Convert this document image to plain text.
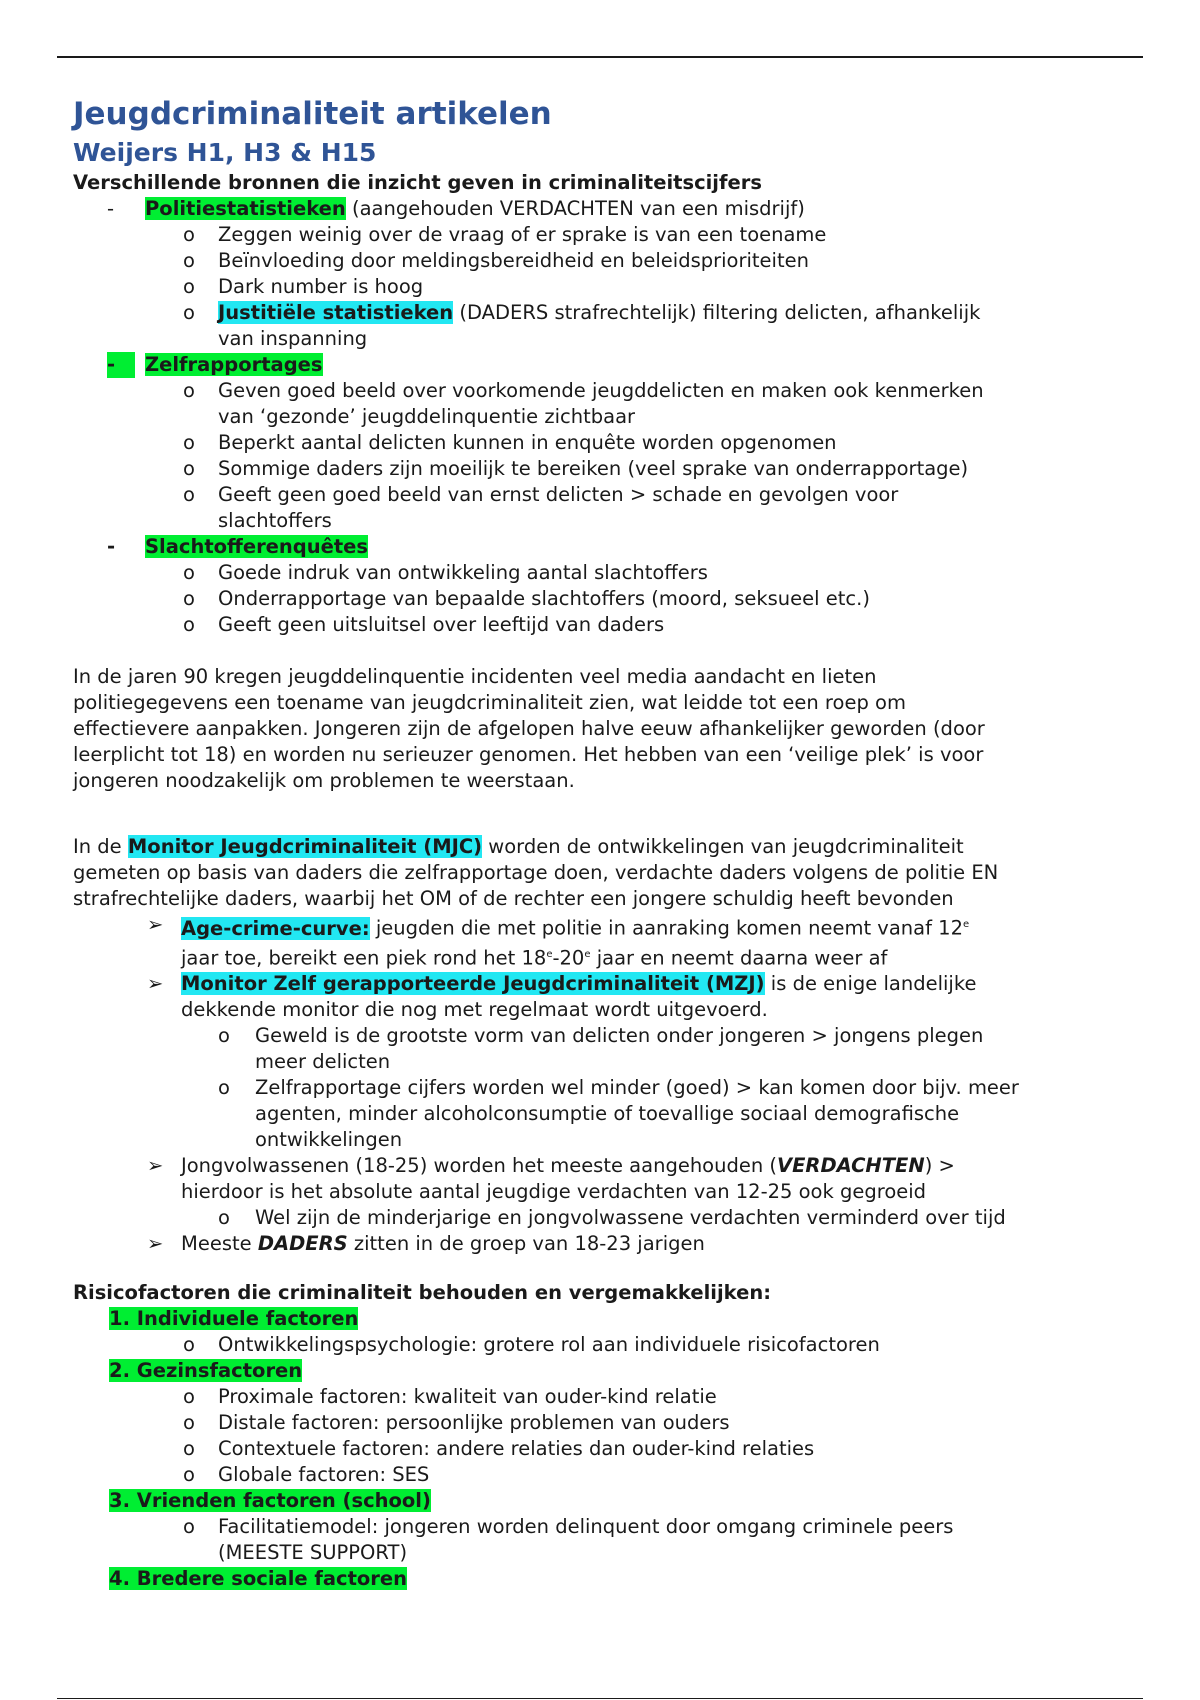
Jeugdcriminaliteit artikelen
Weijers H1, H3 & H15
Verschillende bronnen die inzicht geven in criminaliteitscijfers
- Politiestatistieken (aangehouden VERDACHTEN van een misdrijf)
o Zeggen weinig over de vraag of er sprake is van een toename
o Beïnvloeding door meldingsbereidheid en beleidsprioriteiten
o Dark number is hoog
o Justitiële statistieken (DADERS strafrechtelijk) filtering delicten, afhankelijk
van inspanning
-	Zelfrapportages
o Geven goed beeld over voorkomende jeugddelicten en maken ook kenmerken
van ‘gezonde’ jeugddelinquentie zichtbaar
o Beperkt aantal delicten kunnen in enquête worden opgenomen
o Sommige daders zijn moeilijk te bereiken (veel sprake van onderrapportage)
o Geeft geen goed beeld van ernst delicten > schade en gevolgen voor
slachtoffers
- Slachtofferenquêtes
o Goede indruk van ontwikkeling aantal slachtoffers
o Onderrapportage van bepaalde slachtoffers (moord, seksueel etc.)
o Geeft geen uitsluitsel over leeftijd van daders
In de jaren 90 kregen jeugddelinquentie incidenten veel media aandacht en lieten
politiegegevens een toename van jeugdcriminaliteit zien, wat leidde tot een roep om
effectievere aanpakken. Jongeren zijn de afgelopen halve eeuw afhankelijker geworden (door
leerplicht tot 18) en worden nu serieuzer genomen. Het hebben van een ‘veilige plek’ is voor
jongeren noodzakelijk om problemen te weerstaan.
In de Monitor Jeugdcriminaliteit (MJC) worden de ontwikkelingen van jeugdcriminaliteit
gemeten op basis van daders die zelfrapportage doen, verdachte daders volgens de politie EN
strafrechtelijke daders, waarbij het OM of de rechter een jongere schuldig heeft bevonden
➢ Age-crime-curve: jeugden die met politie in aanraking komen neemt vanaf 12e
jaar toe, bereikt een piek rond het 18e-20e jaar en neemt daarna weer af
➢ Monitor Zelf gerapporteerde Jeugdcriminaliteit (MZJ) is de enige landelijke
dekkende monitor die nog met regelmaat wordt uitgevoerd.
o Geweld is de grootste vorm van delicten onder jongeren > jongens plegen
meer delicten
o Zelfrapportage cijfers worden wel minder (goed) > kan komen door bijv. meer
agenten, minder alcoholconsumptie of toevallige sociaal demografische
ontwikkelingen
➢ Jongvolwassenen (18-25) worden het meeste aangehouden (VERDACHTEN) >
hierdoor is het absolute aantal jeugdige verdachten van 12-25 ook gegroeid
o Wel zijn de minderjarige en jongvolwassene verdachten verminderd over tijd
➢ Meeste DADERS zitten in de groep van 18-23 jarigen
Risicofactoren die criminaliteit behouden en vergemakkelijken:
1. Individuele factoren
o Ontwikkelingspsychologie: grotere rol aan individuele risicofactoren
2. Gezinsfactoren
o Proximale factoren: kwaliteit van ouder-kind relatie
o Distale factoren: persoonlijke problemen van ouders
o Contextuele factoren: andere relaties dan ouder-kind relaties
o Globale factoren: SES
3. Vrienden factoren (school)
o Facilitatiemodel: jongeren worden delinquent door omgang criminele peers
(MEESTE SUPPORT)
4. Bredere sociale factoren
